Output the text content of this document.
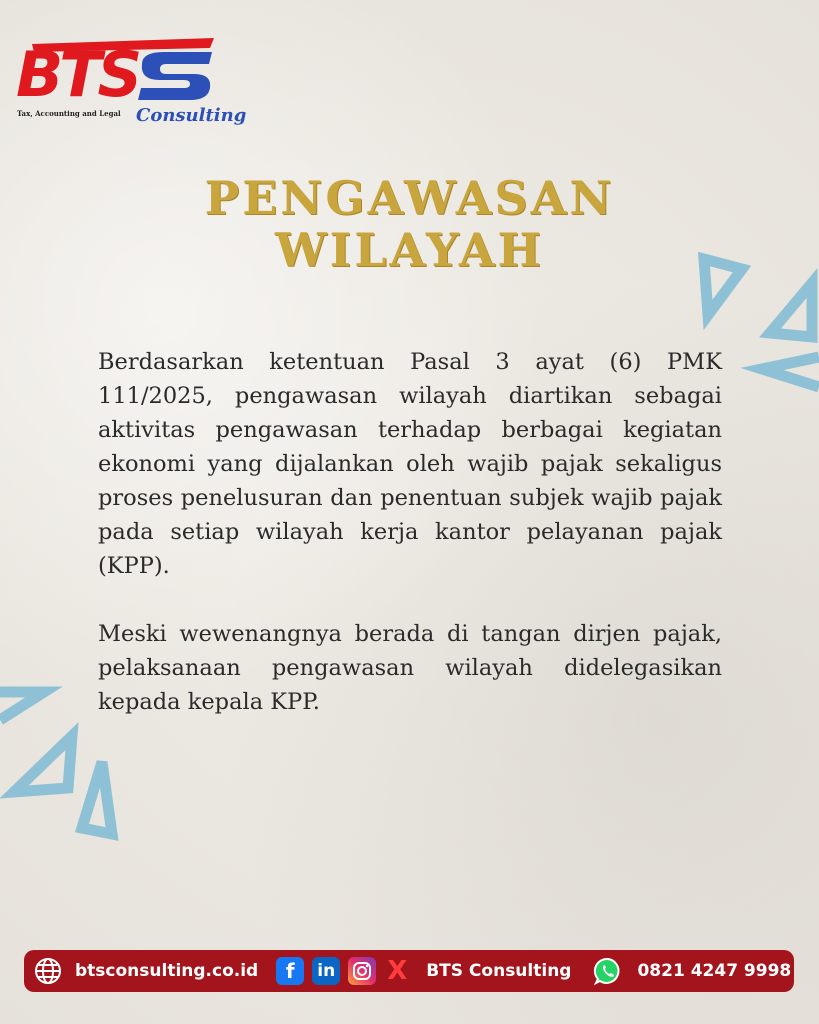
BTS
Tax, Accounting and Legal Consulting
PENGAWASAN
WILAYAH

Berdasarkan ketentuan Pasal 3 ayat (6) PMK 111/2025, pengawasan wilayah diartikan sebagai aktivitas pengawasan terhadap berbagai kegiatan ekonomi yang dijalankan oleh wajib pajak sekaligus proses penelusuran dan penentuan subjek wajib pajak pada setiap wilayah kerja kantor pelayanan pajak (KPP).

Meski wewenangnya berada di tangan dirjen pajak, pelaksanaan pengawasan wilayah didelegasikan kepada kepala KPP.

btsconsulting.co.id	f	in X BTS Consulting	0821 4247 9998
